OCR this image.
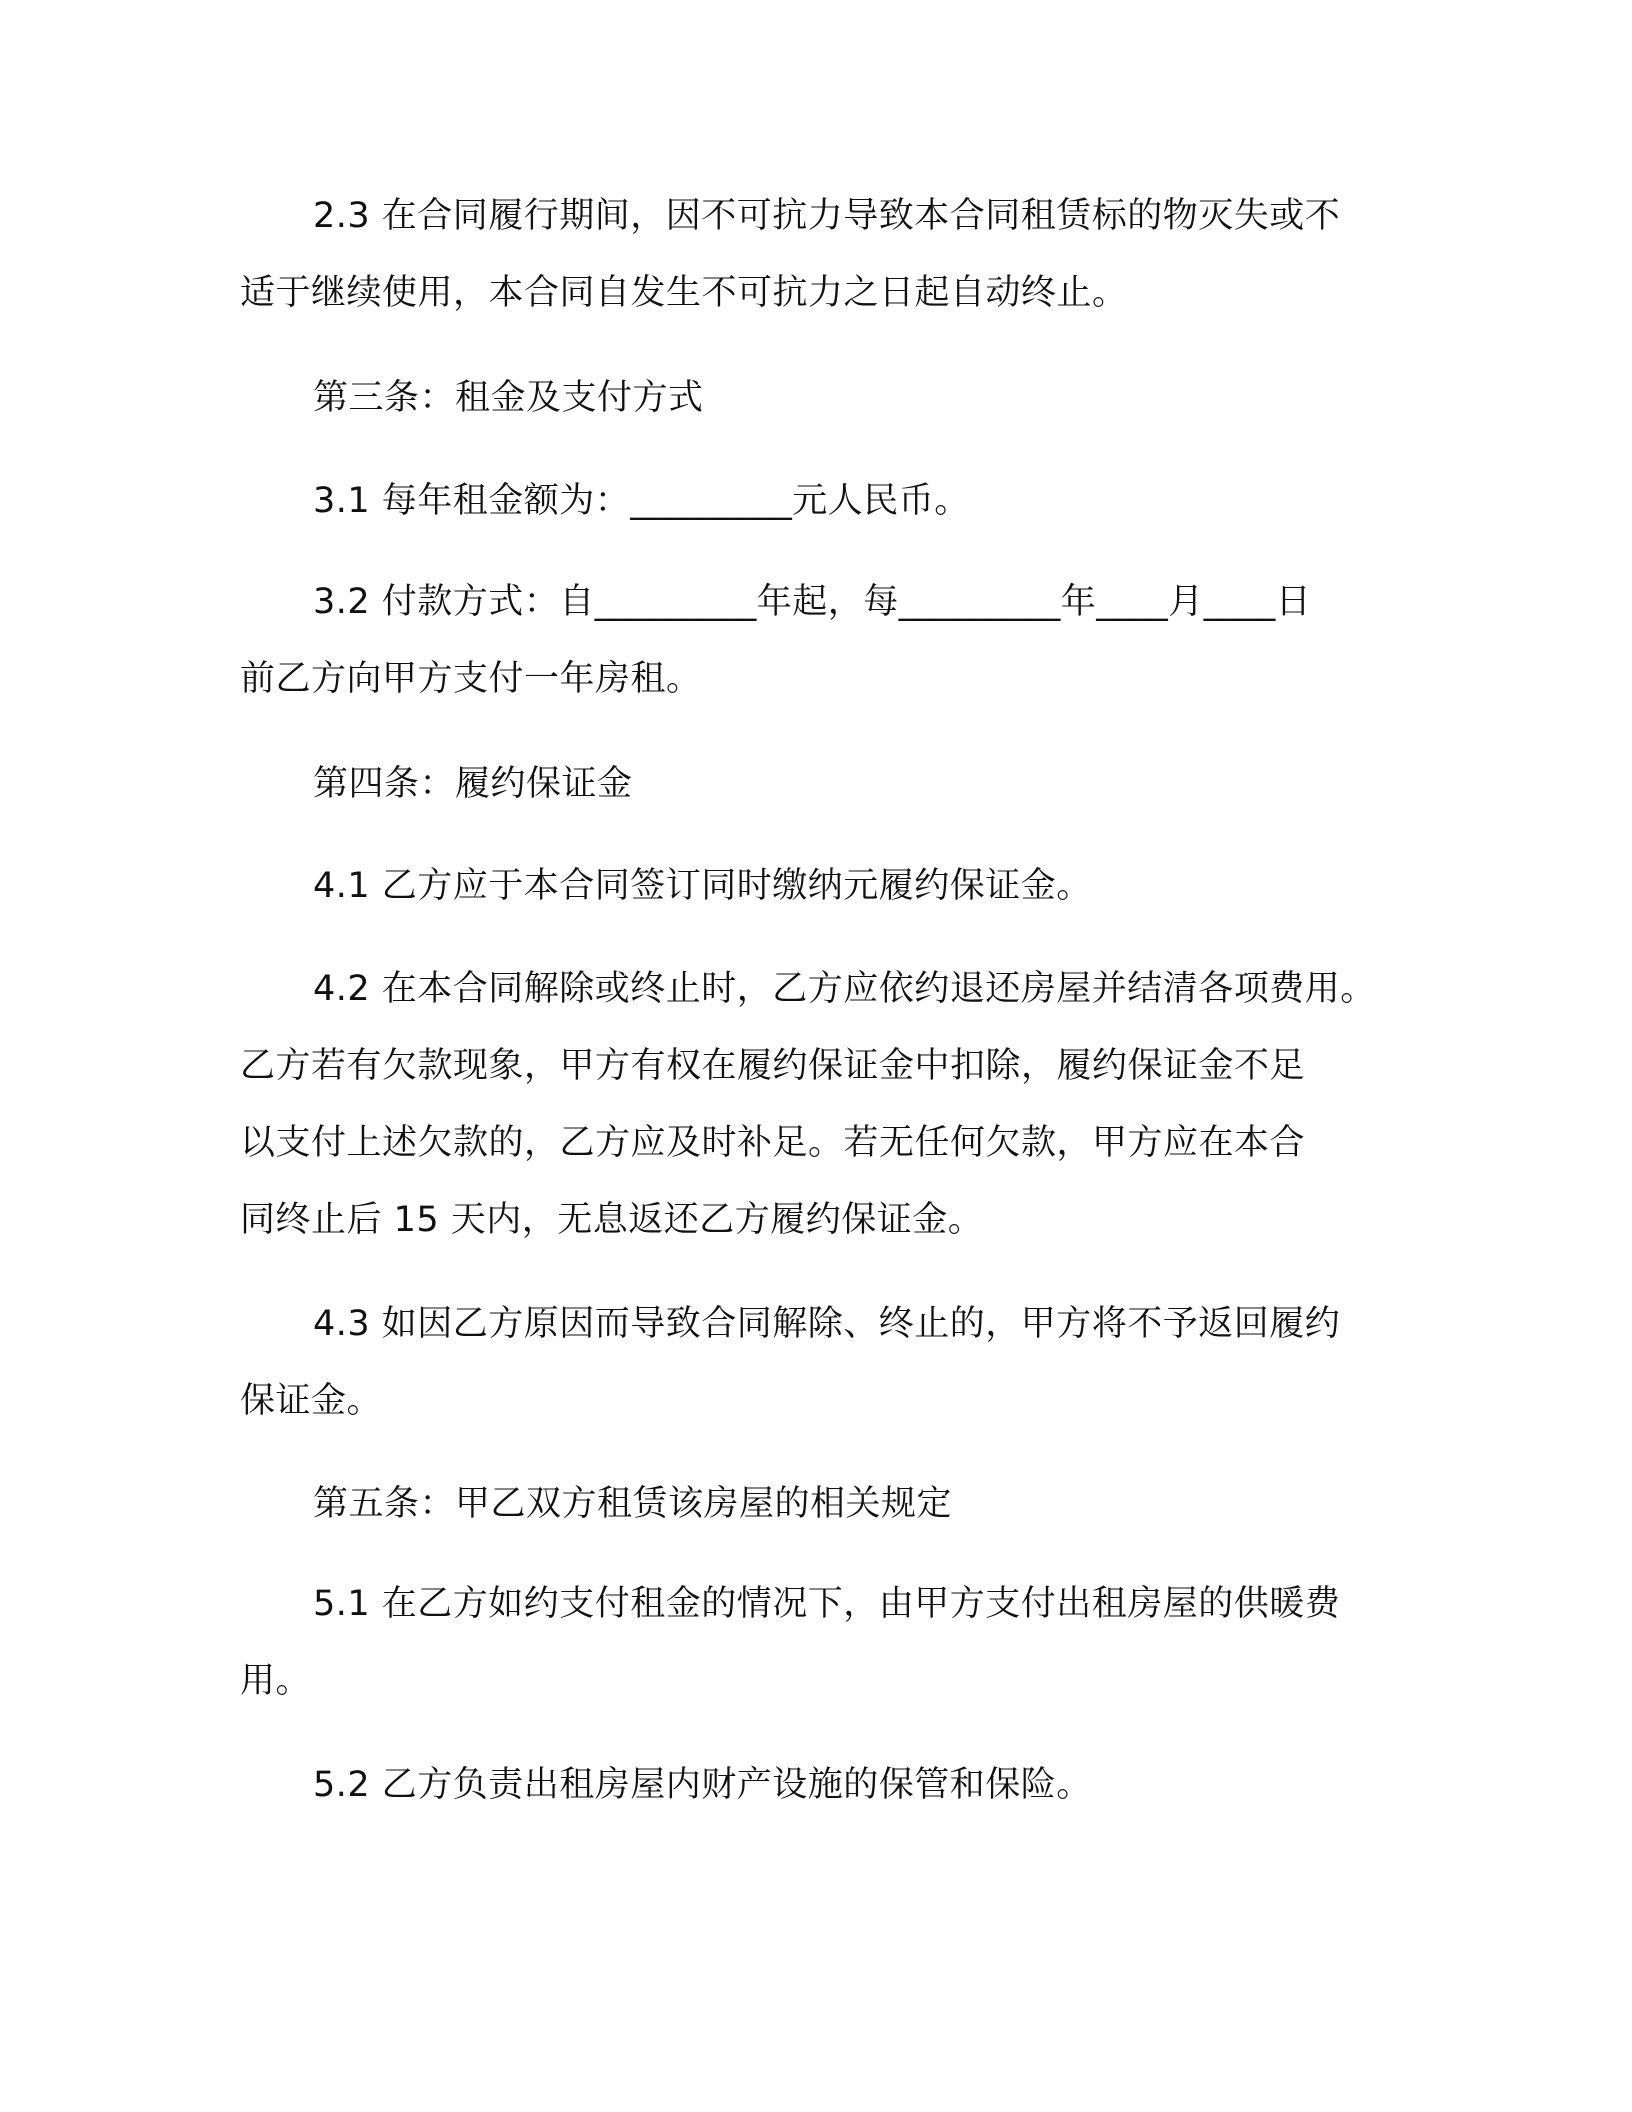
2.3 在合同履行期间，因不可抗力导致本合同租赁标的物灭失或不
适于继续使用，本合同自发生不可抗力之日起自动终止。
第三条：租金及支付方式
3.1 每年租金额为：_________元人民币。
3.2 付款方式：自_________年起，每_________年____月____日
前乙方向甲方支付一年房租。
第四条：履约保证金
4.1 乙方应于本合同签订同时缴纳元履约保证金。
4.2 在本合同解除或终止时，乙方应依约退还房屋并结清各项费用。
乙方若有欠款现象，甲方有权在履约保证金中扣除，履约保证金不足
以支付上述欠款的，乙方应及时补足。若无任何欠款，甲方应在本合
同终止后 15 天内，无息返还乙方履约保证金。
4.3 如因乙方原因而导致合同解除、终止的，甲方将不予返回履约
保证金。
第五条：甲乙双方租赁该房屋的相关规定
5.1 在乙方如约支付租金的情况下，由甲方支付出租房屋的供暖费
用。
5.2 乙方负责出租房屋内财产设施的保管和保险。
